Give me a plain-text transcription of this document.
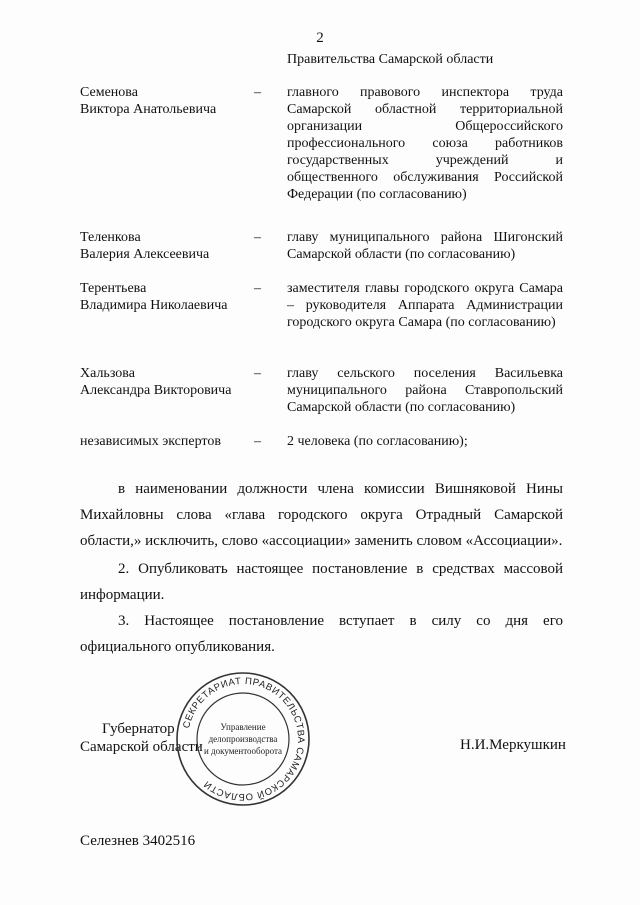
2
Правительства Самарской области
Семенова
Виктора Анатольевича
– главного правового инспектора труда Самарской областной территориальной организации Общероссийского профессионального союза работников государственных учреждений и общественного обслуживания Российской Федерации (по согласованию)
Теленкова
Валерия Алексеевича
– главу муниципального района Шигонский Самарской области (по согласованию)
Терентьева
Владимира Николаевича
– заместителя главы городского округа Самара – руководителя Аппарата Администрации городского округа Самара (по согласованию)
Хальзова
Александра Викторовича
– главу сельского поселения Васильевка муниципального района Ставропольский Самарской области (по согласованию)
независимых экспертов	– 2 человека (по согласованию);
в наименовании должности члена комиссии Вишняковой Нины Михайловны слова «глава городского округа Отрадный Самарской области,» исключить, слово «ассоциации» заменить словом «Ассоциации».
2. Опубликовать настоящее постановление в средствах массовой информации.
3. Настоящее постановление вступает в силу со дня его официального опубликования.
Губернатор
Самарской области
СЕКРЕТАРИАТ ПРАВИТЕЛЬСТВА САМАРСКОЙ ОБЛАСТИ
Управление
делопроизводства
и документооборота	Н.И.Меркушкин
Селезнев 3402516
